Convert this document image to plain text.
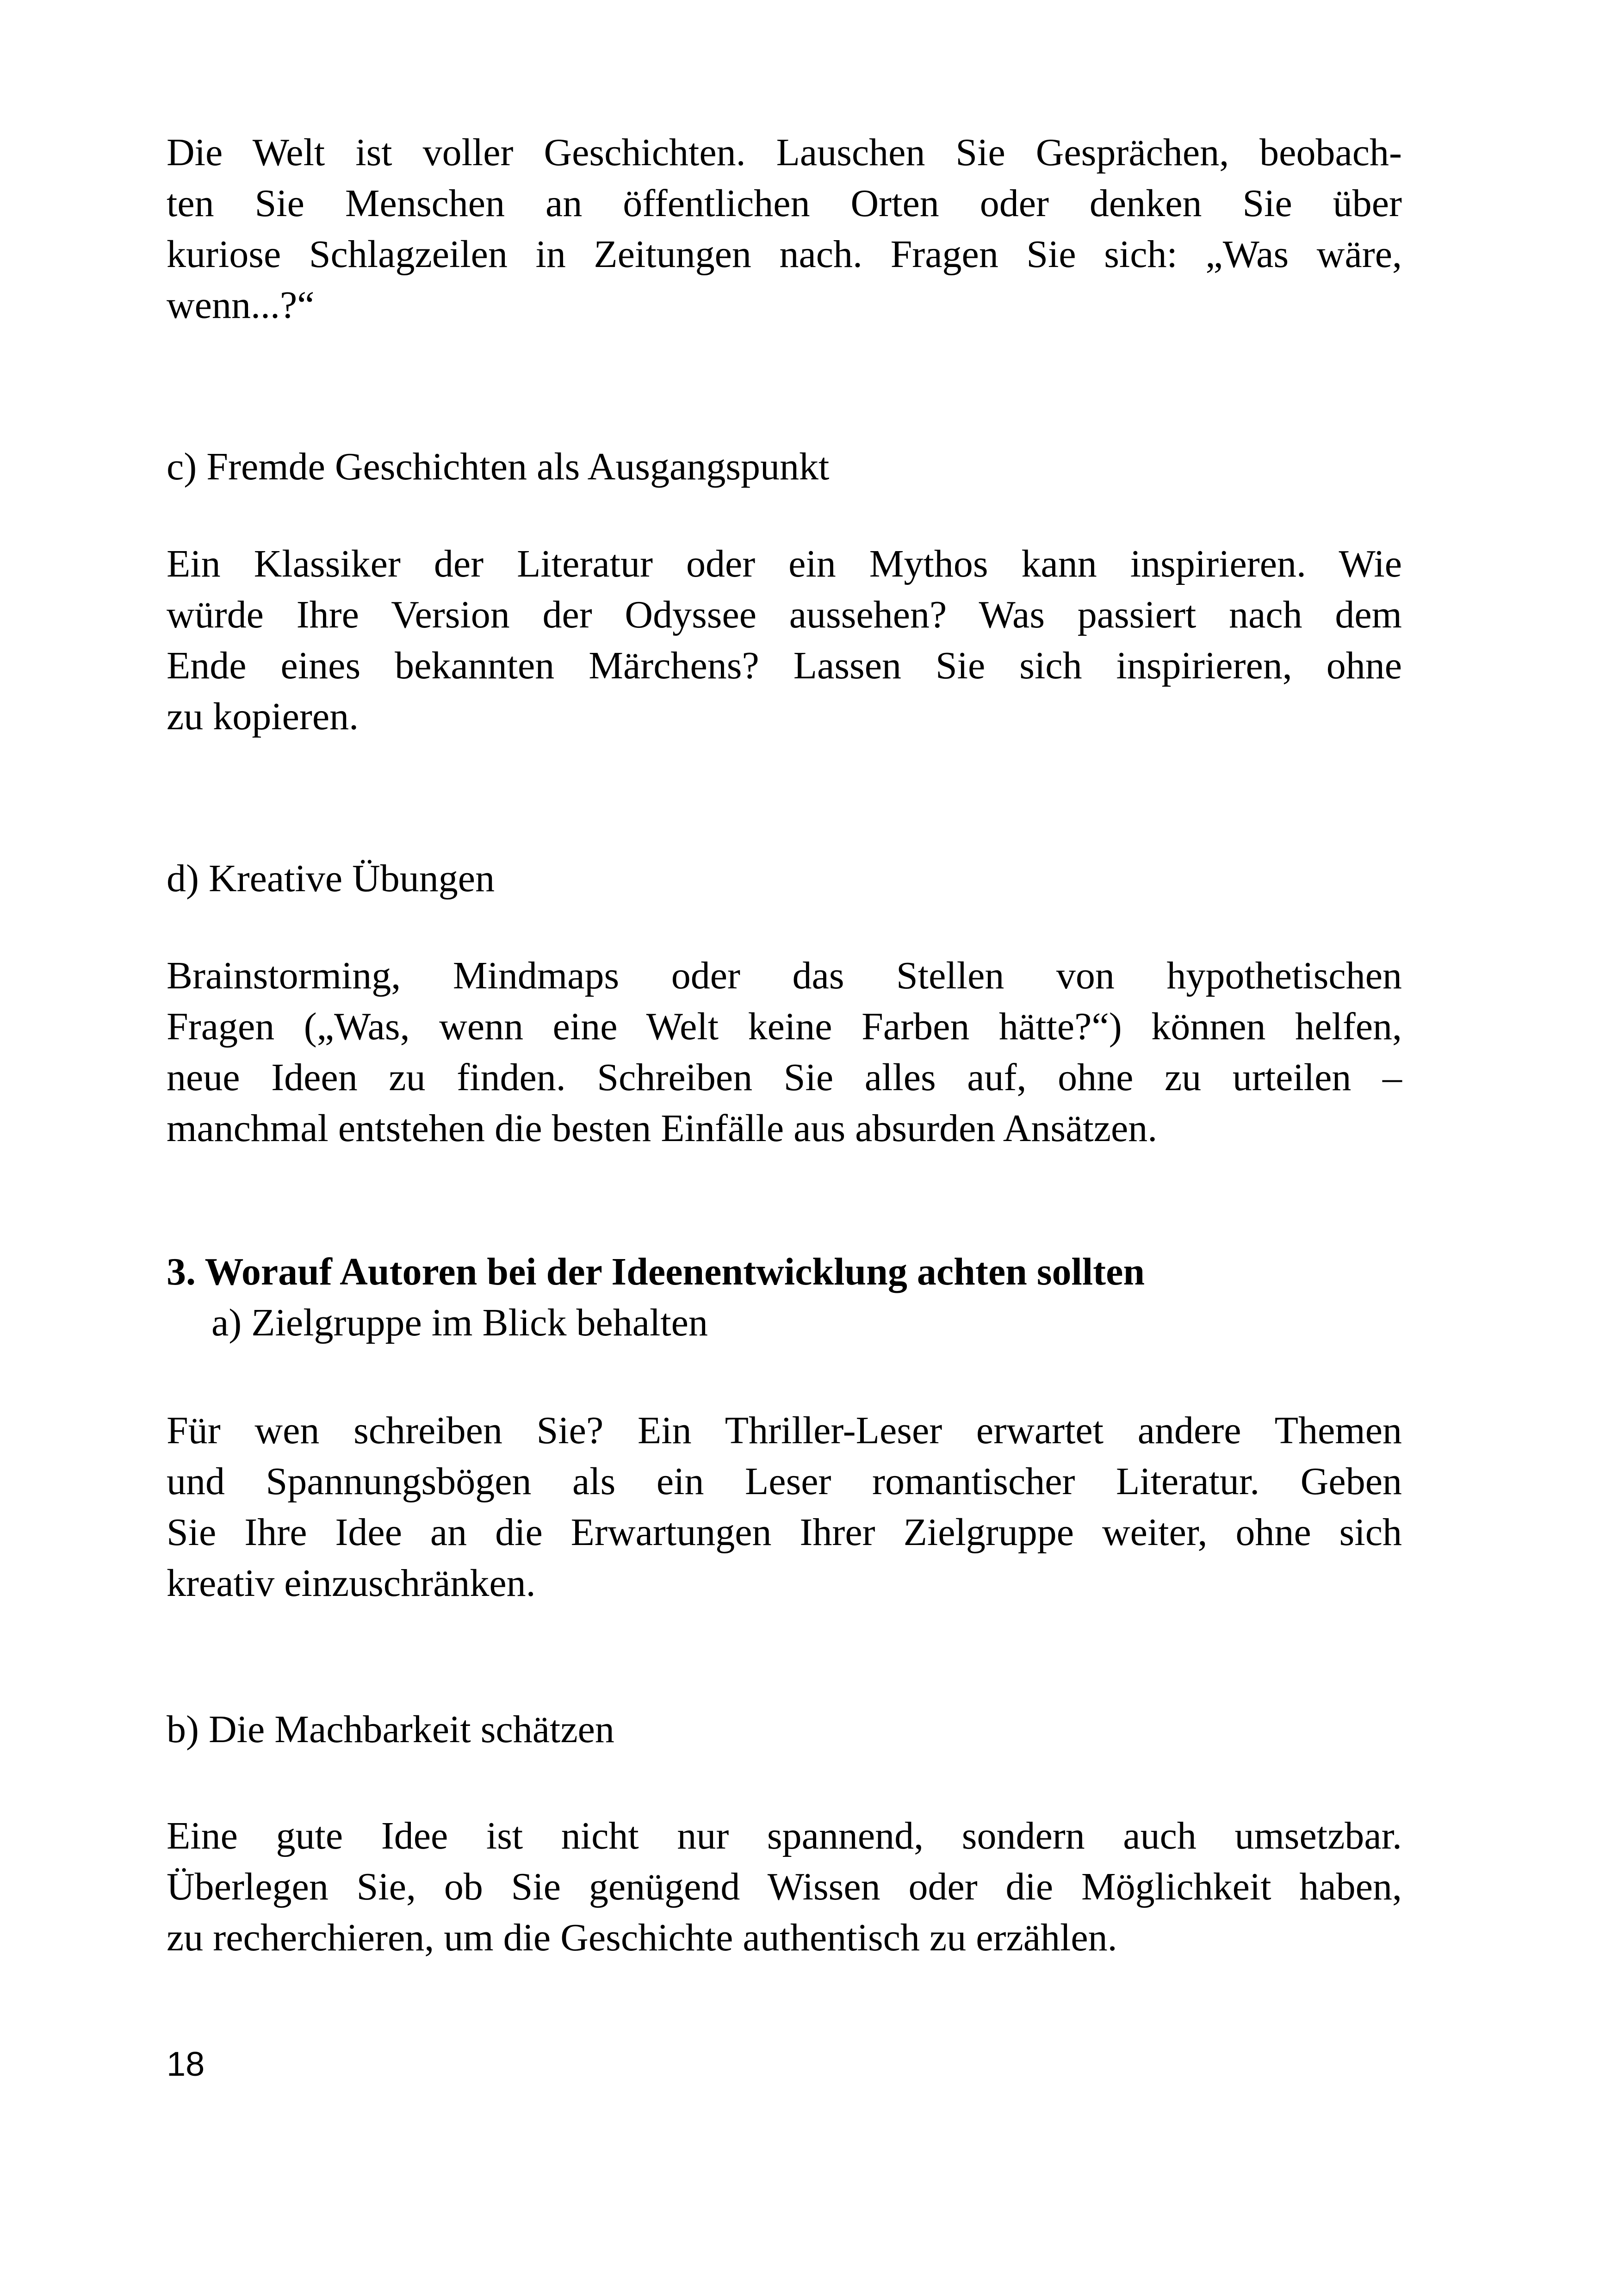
Die Welt ist voller Geschichten. Lauschen Sie Gesprächen, beobach-
ten Sie Menschen an öffentlichen Orten oder denken Sie über
kuriose Schlagzeilen in Zeitungen nach. Fragen Sie sich: „Was wäre,
wenn...?“
c) Fremde Geschichten als Ausgangspunkt
Ein Klassiker der Literatur oder ein Mythos kann inspirieren. Wie
würde Ihre Version der Odyssee aussehen? Was passiert nach dem
Ende eines bekannten Märchens? Lassen Sie sich inspirieren, ohne
zu kopieren.
d) Kreative Übungen
Brainstorming, Mindmaps oder das Stellen von hypothetischen
Fragen („Was, wenn eine Welt keine Farben hätte?“) können helfen,
neue Ideen zu finden. Schreiben Sie alles auf, ohne zu urteilen –
manchmal entstehen die besten Einfälle aus absurden Ansätzen.
3. Worauf Autoren bei der Ideenentwicklung achten sollten
a) Zielgruppe im Blick behalten
Für wen schreiben Sie? Ein Thriller-Leser erwartet andere Themen
und Spannungsbögen als ein Leser romantischer Literatur. Geben
Sie Ihre Idee an die Erwartungen Ihrer Zielgruppe weiter, ohne sich
kreativ einzuschränken.
b) Die Machbarkeit schätzen
Eine gute Idee ist nicht nur spannend, sondern auch umsetzbar.
Überlegen Sie, ob Sie genügend Wissen oder die Möglichkeit haben,
zu recherchieren, um die Geschichte authentisch zu erzählen.
18
